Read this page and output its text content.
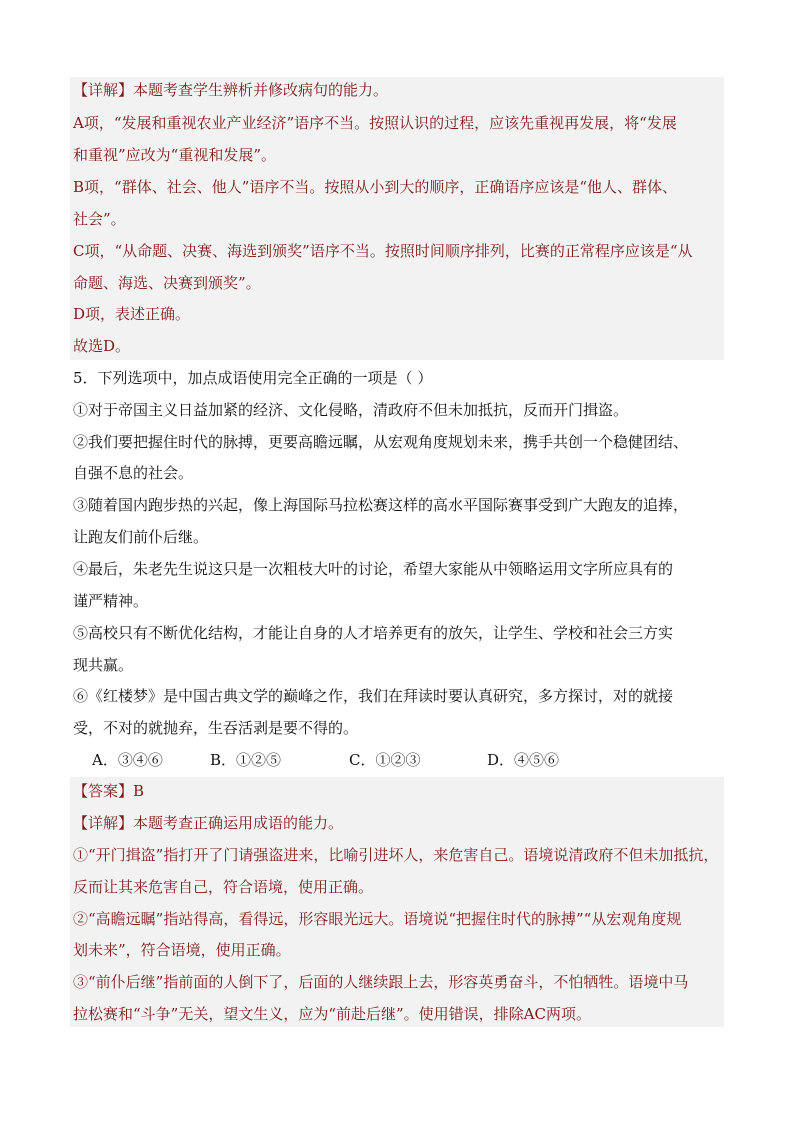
【详解】本题考查学生辨析并修改病句的能力。
A项，“发展和重视农业产业经济”语序不当。按照认识的过程，应该先重视再发展，将“发展
和重视”应改为“重视和发展”。
B项，“群体、社会、他人”语序不当。按照从小到大的顺序，正确语序应该是“他人、群体、
社会”。
C项，“从命题、决赛、海选到颁奖”语序不当。按照时间顺序排列，比赛的正常程序应该是“从
命题、海选、决赛到颁奖”。
D项，表述正确。
故选D。
5．下列选项中，加点成语使用完全正确的一项是（ ）
①对于帝国主义日益加紧的经济、文化侵略，清政府不但未加抵抗，反而开门揖盗。
②我们要把握住时代的脉搏，更要高瞻远瞩，从宏观角度规划未来，携手共创一个稳健团结、
自强不息的社会。
③随着国内跑步热的兴起，像上海国际马拉松赛这样的高水平国际赛事受到广大跑友的追捧，
让跑友们前仆后继。
④最后，朱老先生说这只是一次粗枝大叶的讨论，希望大家能从中领略运用文字所应具有的
谨严精神。
⑤高校只有不断优化结构，才能让自身的人才培养更有的放矢，让学生、学校和社会三方实
现共赢。
⑥《红楼梦》是中国古典文学的巅峰之作，我们在拜读时要认真研究，多方探讨，对的就接
受，不对的就抛弃，生吞活剥是要不得的。
A．③④⑥	B．①②⑤	C．①②③	D．④⑤⑥
【答案】B
【详解】本题考查正确运用成语的能力。
①“开门揖盗”指打开了门请强盗进来，比喻引进坏人，来危害自己。语境说清政府不但未加抵抗，
反而让其来危害自己，符合语境，使用正确。
②“高瞻远瞩”指站得高，看得远，形容眼光远大。语境说“把握住时代的脉搏”“从宏观角度规
划未来”，符合语境，使用正确。
③“前仆后继”指前面的人倒下了，后面的人继续跟上去，形容英勇奋斗，不怕牺牲。语境中马
拉松赛和“斗争”无关，望文生义，应为“前赴后继”。使用错误，排除AC两项。
